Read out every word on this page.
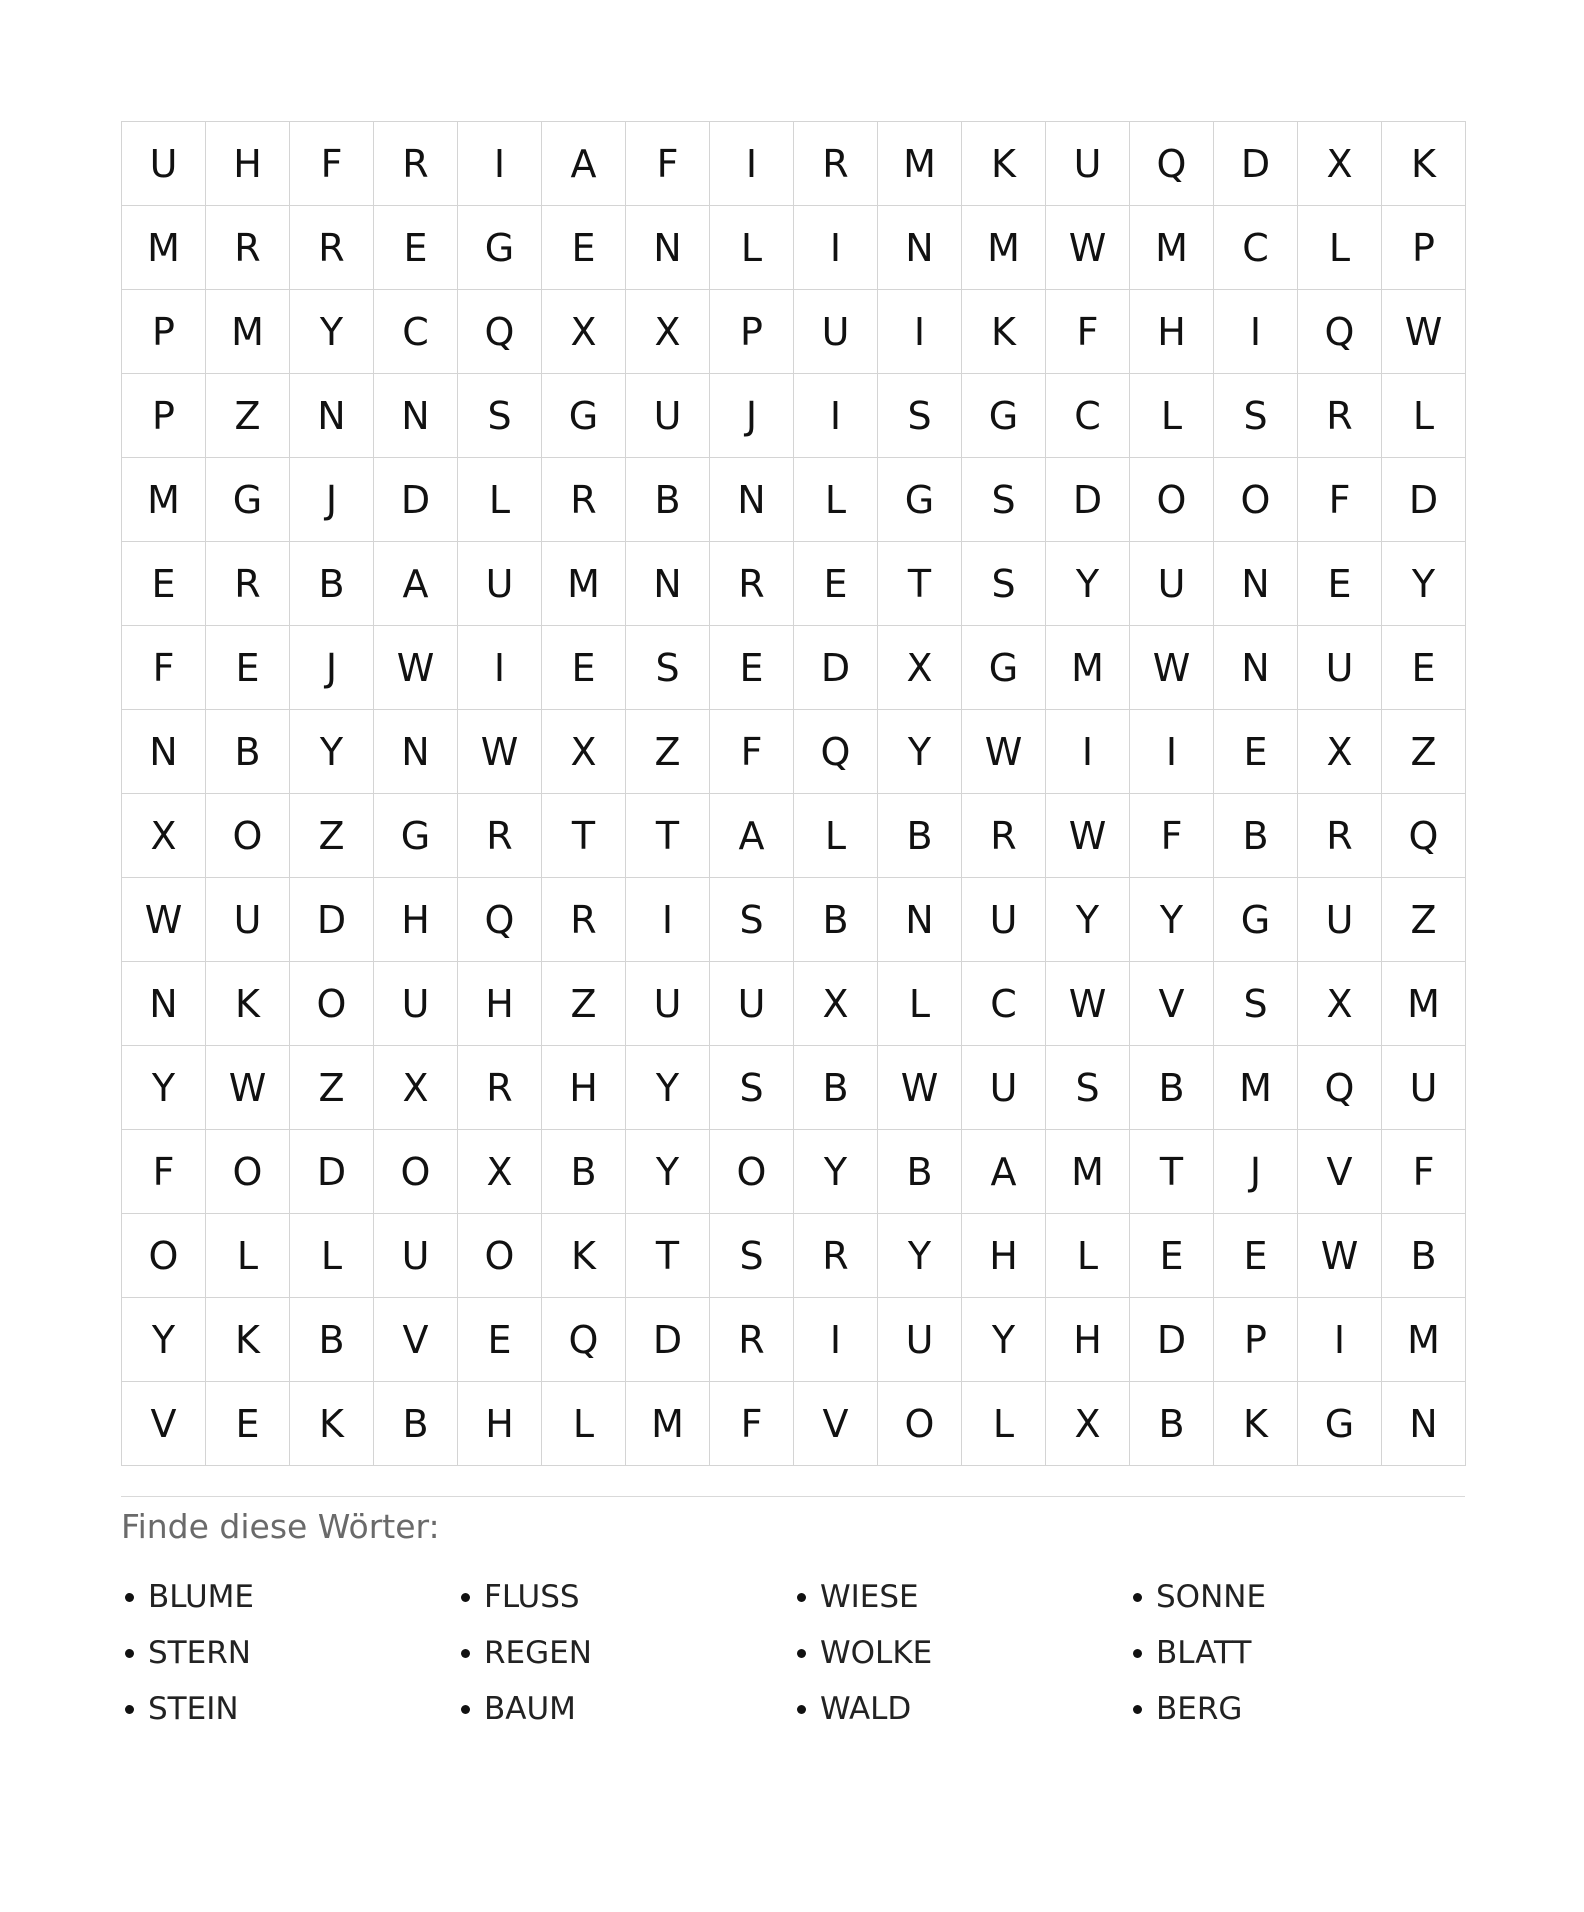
U	H	F	R	I	A	F	I	R	M	K	U	Q	D	X	K
M	R	R	E	G	E	N	L	I	N	M	W	M	C	L	P
P	M	Y	C	Q	X	X	P	U	I	K	F	H	I	Q	W
P	Z	N	N	S	G	U	J	I	S	G	C	L	S	R	L
M	G	J	D	L	R	B	N	L	G	S	D	O	O	F	D
E	R	B	A	U	M	N	R	E	T	S	Y	U	N	E	Y
F	E	J	W	I	E	S	E	D	X	G	M	W	N	U	E
N	B	Y	N	W	X	Z	F	Q	Y	W	I	I	E	X	Z
X	O	Z	G	R	T	T	A	L	B	R	W	F	B	R	Q
W	U	D	H	Q	R	I	S	B	N	U	Y	Y	G	U	Z
N	K	O	U	H	Z	U	U	X	L	C	W	V	S	X	M
Y	W	Z	X	R	H	Y	S	B	W	U	S	B	M	Q	U
F	O	D	O	X	B	Y	O	Y	B	A	M	T	J	V	F
O	L	L	U	O	K	T	S	R	Y	H	L	E	E	W	B
Y	K	B	V	E	Q	D	R	I	U	Y	H	D	P	I	M
V	E	K	B	H	L	M	F	V	O	L	X	B	K	G	N
Finde diese Wörter:
BLUME	FLUSS	WIESE	SONNE
STERN	REGEN	WOLKE	BLATT
STEIN	BAUM	WALD	BERG
